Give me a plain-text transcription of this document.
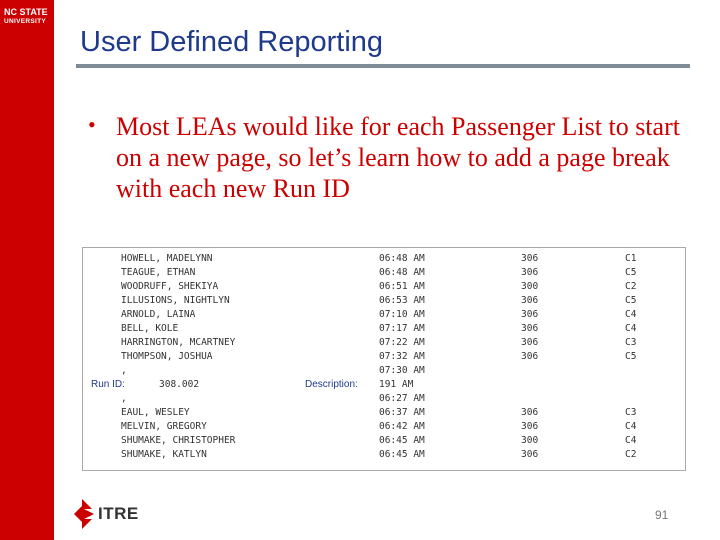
NC STATE
UNIVERSITY
User Defined Reporting
• Most LEAs would like for each Passenger List to start on a new page, so let’s learn how to add a page break with each new Run ID
HOWELL, MADELYNN	06:48 AM	306	C1
TEAGUE, ETHAN	06:48 AM	306	C5
WOODRUFF, SHEKIYA	06:51 AM	300	C2
ILLUSIONS, NIGHTLYN	06:53 AM	306	C5
ARNOLD, LAINA	07:10 AM	306	C4
BELL, KOLE	07:17 AM	306	C4
HARRINGTON, MCARTNEY	07:22 AM	306	C3
THOMPSON, JOSHUA	07:32 AM	306	C5
,	07:30 AM
Run ID:	308.002	Description: 191 AM
,	06:27 AM
EAUL, WESLEY	06:37 AM	306	C3
MELVIN, GREGORY	06:42 AM	306	C4
SHUMAKE, CHRISTOPHER	06:45 AM	300	C4
SHUMAKE, KATLYN	06:45 AM	306	C2
ITRE	91
